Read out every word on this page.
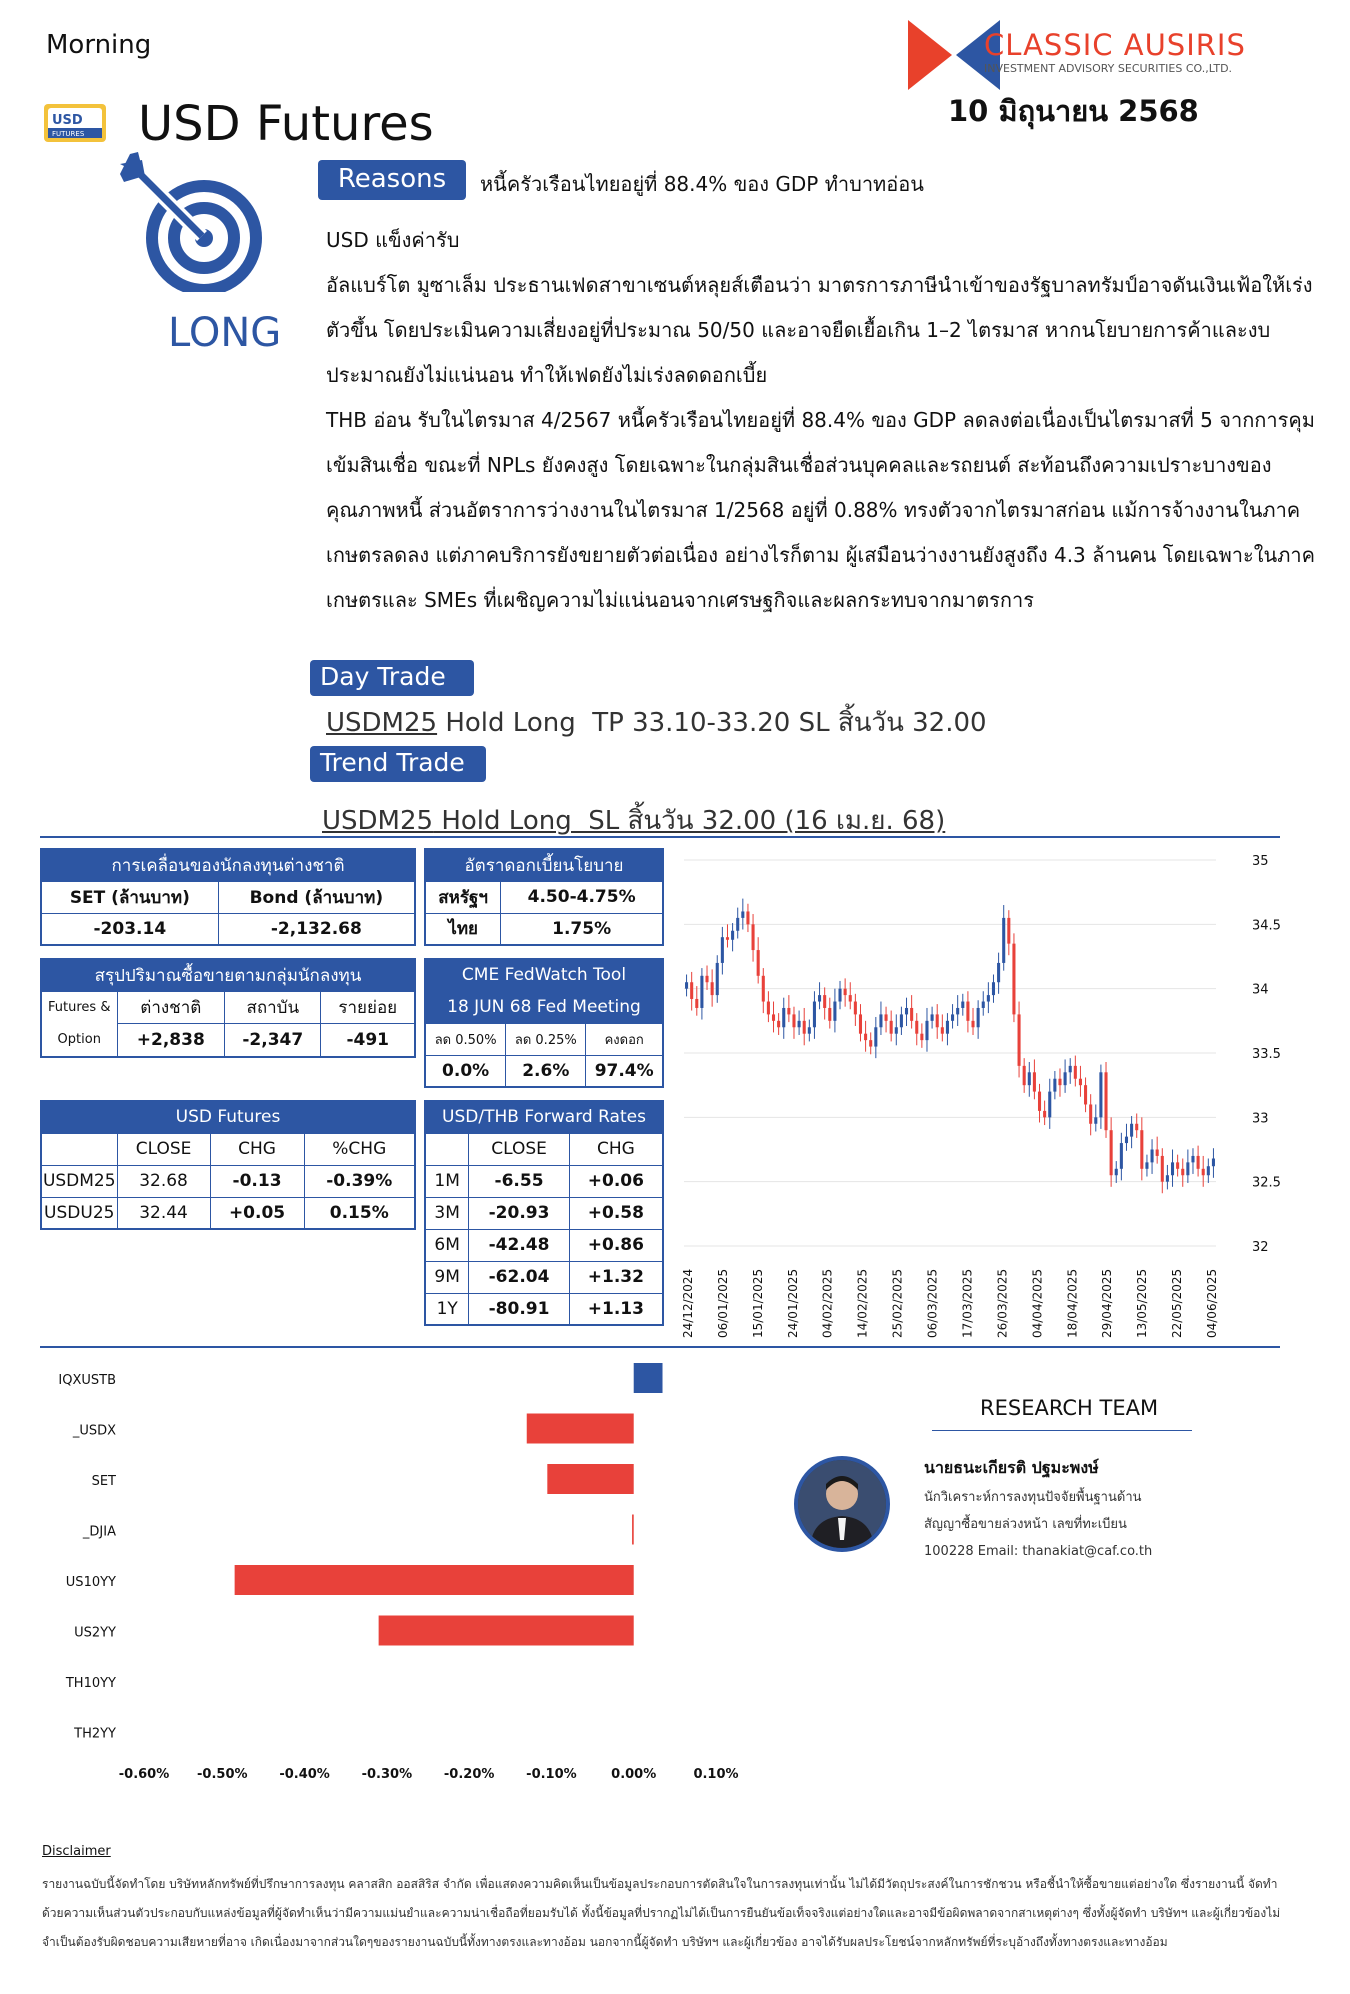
Morning
USD
FUTURES USD Futures
CLASSIC AUSIRIS
INVESTMENT ADVISORY SECURITIES CO.,LTD.
10 มิถุนายน 2568
LONG
Reasons	หนี้ครัวเรือนไทยอยู่ที่ 88.4% ของ GDP ทำบาทอ่อน

USD แข็งค่ารับ

อัลแบร์โต มูซาเล็ม ประธานเฟดสาขาเซนต์หลุยส์เตือนว่า มาตรการภาษีนำเข้าของรัฐบาลทรัมป์อาจดันเงินเฟ้อให้เร่งตัวขึ้น โดยประเมินความเสี่ยงอยู่ที่ประมาณ 50/50 และอาจยืดเยื้อเกิน 1–2 ไตรมาส หากนโยบายการค้าและงบประมาณยังไม่แน่นอน ทำให้เฟดยังไม่เร่งลดดอกเบี้ย

THB อ่อน รับในไตรมาส 4/2567 หนี้ครัวเรือนไทยอยู่ที่ 88.4% ของ GDP ลดลงต่อเนื่องเป็นไตรมาสที่ 5 จากการคุมเข้มสินเชื่อ ขณะที่ NPLs ยังคงสูง โดยเฉพาะในกลุ่มสินเชื่อส่วนบุคคลและรถยนต์ สะท้อนถึงความเปราะบางของคุณภาพหนี้ ส่วนอัตราการว่างงานในไตรมาส 1/2568 อยู่ที่ 0.88% ทรงตัวจากไตรมาสก่อน แม้การจ้างงานในภาคเกษตรลดลง แต่ภาคบริการยังขยายตัวต่อเนื่อง อย่างไรก็ตาม ผู้เสมือนว่างงานยังสูงถึง 4.3 ล้านคน โดยเฉพาะในภาคเกษตรและ SMEs ที่เผชิญความไม่แน่นอนจากเศรษฐกิจและผลกระทบจากมาตรการ

Day Trade
USDM25 Hold Long  TP 33.10-33.20 SL สิ้นวัน 32.00
Trend Trade
USDM25 Hold Long  SL สิ้นวัน 32.00 (16 เม.ย. 68)
การเคลื่อนของนักลงทุนต่างชาติ	
SET (ล้านบาท)	Bond (ล้านบาท)
-203.14	-2,132.68
อัตราดอกเบี้ยนโยบาย	
สหรัฐฯ	4.50-4.75%
ไทย	1.75%
สรุปปริมาณซื้อขายตามกลุ่มนักลงทุน			

Futures &
Option	ต่างชาติ	สถาบัน	รายย่อย
	+2,838	-2,347	-491
CME FedWatch Tool		
18 JUN 68 Fed Meeting		
ลด 0.50%	ลด 0.25%	คงดอก
0.0%	2.6%	97.4%
USD Futures			
	CLOSE	CHG	%CHG
USDM25	32.68	-0.13	-0.39%
USDU25	32.44	+0.05	0.15%
USD/THB Forward Rates		
	CLOSE	CHG
1M	-6.55	+0.06
3M	-20.93	+0.58
6M	-42.48	+0.86
9M	-62.04	+1.32
1Y	-80.91	+1.13
35
34.5
34
33.5
33
32.5
32
24/12/2024 06/01/2025 15/01/2025 24/01/2025 04/02/2025 14/02/2025 25/02/2025 06/03/2025 17/03/2025 26/03/2025 04/04/2025 18/04/2025 29/04/2025 13/05/2025 22/05/2025 04/06/2025
IQXUSTB
_USDX
SET
_DJIA
US10YY
US2YY
TH10YY
TH2YY
-0.60% -0.50% -0.40% -0.30% -0.20% -0.10%	0.00%	0.10%
RESEARCH TEAM
นายธนะเกียรติ ปฐมะพงษ์
นักวิเคราะห์การลงทุนปัจจัยพื้นฐานด้าน
สัญญาซื้อขายล่วงหน้า เลขที่ทะเบียน
100228 Email: thanakiat@caf.co.th
Disclaimer
รายงานฉบับนี้จัดทำโดย บริษัทหลักทรัพย์ที่ปรึกษาการลงทุน คลาสสิก ออสสิริส จำกัด เพื่อแสดงความคิดเห็นเป็นข้อมูลประกอบการตัดสินใจในการลงทุนเท่านั้น ไม่ได้มีวัตถุประสงค์ในการชักชวน หรือชี้นำให้ซื้อขายแต่อย่างใด ซึ่งรายงานนี้ จัดทำด้วยความเห็นส่วนตัวประกอบกับแหล่งข้อมูลที่ผู้จัดทำเห็นว่ามีความแม่นยำและความน่าเชื่อถือที่ยอมรับได้ ทั้งนี้ข้อมูลที่ปรากฏไม่ได้เป็นการยืนยันข้อเท็จจริงแต่อย่างใดและอาจมีข้อผิดพลาดจากสาเหตุต่างๆ ซึ่งทั้งผู้จัดทำ บริษัทฯ และผู้เกี่ยวข้องไม่จำเป็นต้องรับผิดชอบความเสียหายที่อาจ เกิดเนื่องมาจากส่วนใดๆของรายงานฉบับนี้ทั้งทางตรงและทางอ้อม นอกจากนี้ผู้จัดทำ บริษัทฯ และผู้เกี่ยวข้อง อาจได้รับผลประโยชน์จากหลักทรัพย์ที่ระบุอ้างถึงทั้งทางตรงและทางอ้อม
